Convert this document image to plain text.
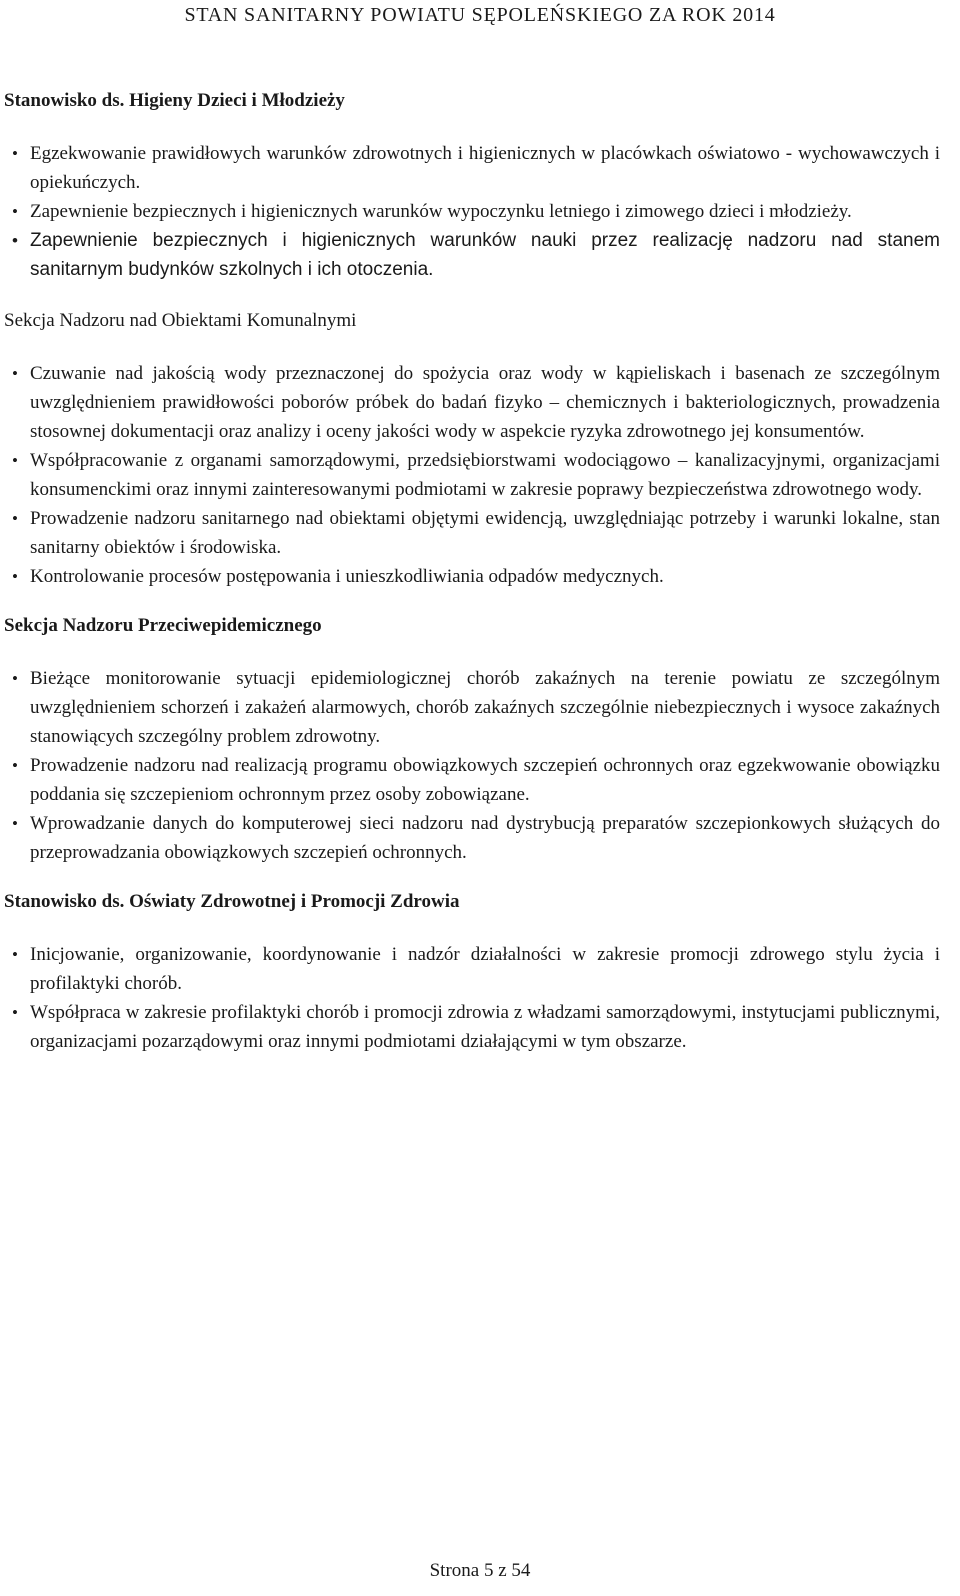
STAN SANITARNY POWIATU SĘPOLEŃSKIEGO ZA ROK 2014
Stanowisko ds. Higieny Dzieci i Młodzieży
• Egzekwowanie prawidłowych warunków zdrowotnych i higienicznych w placówkach oświatowo - wychowawczych i opiekuńczych.
• Zapewnienie bezpiecznych i higienicznych warunków wypoczynku letniego i zimowego dzieci i młodzieży.
• Zapewnienie bezpiecznych i higienicznych warunków nauki przez realizację nadzoru nad stanem sanitarnym budynków szkolnych i ich otoczenia.
Sekcja Nadzoru nad Obiektami Komunalnymi
• Czuwanie nad jakością wody przeznaczonej do spożycia oraz wody w kąpieliskach i basenach ze szczególnym uwzględnieniem prawidłowości poborów próbek do badań fizyko – chemicznych i bakteriologicznych, prowadzenia stosownej dokumentacji oraz analizy i oceny jakości wody w aspekcie ryzyka zdrowotnego jej konsumentów.
• Współpracowanie z organami samorządowymi, przedsiębiorstwami wodociągowo – kanalizacyjnymi, organizacjami konsumenckimi oraz innymi zainteresowanymi podmiotami w zakresie poprawy bezpieczeństwa zdrowotnego wody.
• Prowadzenie nadzoru sanitarnego nad obiektami objętymi ewidencją, uwzględniając potrzeby i warunki lokalne, stan sanitarny obiektów i środowiska.
• Kontrolowanie procesów postępowania i unieszkodliwiania odpadów medycznych.
Sekcja Nadzoru Przeciwepidemicznego
• Bieżące monitorowanie sytuacji epidemiologicznej chorób zakaźnych na terenie powiatu ze szczególnym uwzględnieniem schorzeń i zakażeń alarmowych, chorób zakaźnych szczególnie niebezpiecznych i wysoce zakaźnych stanowiących szczególny problem zdrowotny.
• Prowadzenie nadzoru nad realizacją programu obowiązkowych szczepień ochronnych oraz egzekwowanie obowiązku poddania się szczepieniom ochronnym przez osoby zobowiązane.
• Wprowadzanie danych do komputerowej sieci nadzoru nad dystrybucją preparatów szczepionkowych służących do przeprowadzania obowiązkowych szczepień ochronnych.
Stanowisko ds. Oświaty Zdrowotnej i Promocji Zdrowia
• Inicjowanie, organizowanie, koordynowanie i nadzór działalności w zakresie promocji zdrowego stylu życia i profilaktyki chorób.
• Współpraca w zakresie profilaktyki chorób i promocji zdrowia z władzami samorządowymi, instytucjami publicznymi, organizacjami pozarządowymi oraz innymi podmiotami działającymi w tym obszarze.
Strona 5 z 54
